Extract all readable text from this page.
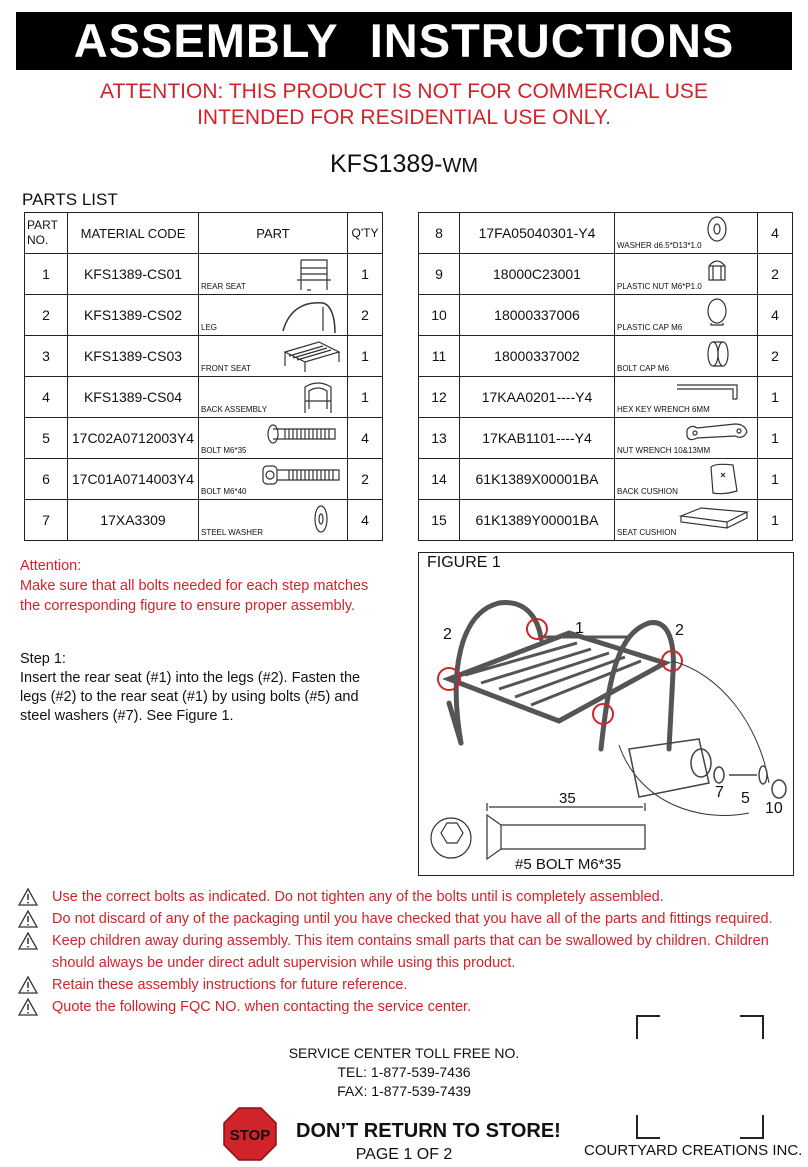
ASSEMBLY INSTRUCTIONS
ATTENTION: THIS PRODUCT IS NOT FOR COMMERCIAL USE
INTENDED FOR RESIDENTIAL USE ONLY.
KFS1389-WM
PARTS LIST
PART NO.	MATERIAL CODE	PART	Q'TY
1	KFS1389-CS01	REAR SEAT	1
2	KFS1389-CS02	LEG	2
3	KFS1389-CS03	FRONT SEAT	1
4	KFS1389-CS04	BACK ASSEMBLY	1
5	17C02A0712003Y4	BOLT M6*35	4
6	17C01A0714003Y4	BOLT M6*40	2
7	17XA3309	STEEL WASHER	4
8	17FA05040301-Y4	WASHER d6.5*D13*1.0	4
9	18000C23001	PLASTIC NUT M6*P1.0	2
10	18000337006	PLASTIC CAP M6	4
11	18000337002	BOLT CAP M6	2
12	17KAA0201----Y4	HEX KEY WRENCH 6MM	1
13	17KAB1101----Y4	NUT WRENCH 10&13MM	1
14	61K1389X00001BA	BACK CUSHION	1
15	61K1389Y00001BA	SEAT CUSHION	1
Attention:
Make sure that all bolts needed for each step matches
the corresponding figure to ensure proper assembly.
Step 1:
Insert the rear seat (#1) into the legs (#2). Fasten the
legs (#2) to the rear seat (#1) by using bolts (#5) and
steel washers (#7). See Figure 1.
FIGURE 1
2	1	2
7 5
10
35
#5 BOLT M6*35
Use the correct bolts as indicated. Do not tighten any of the bolts until is completely assembled.
Do not discard of any of the packaging until you have checked that you have all of the parts and fittings required.
Keep children away during assembly. This item contains small parts that can be swallowed by children. Children should always be under direct adult supervision while using this product.
Retain these assembly instructions for future reference.
Quote the following FQC NO. when contacting the service center.
SERVICE CENTER TOLL FREE NO.
TEL: 1-877-539-7436
FAX: 1-877-539-7439
STOP DON’T RETURN TO STORE!
PAGE 1 OF 2	COURTYARD CREATIONS INC.
